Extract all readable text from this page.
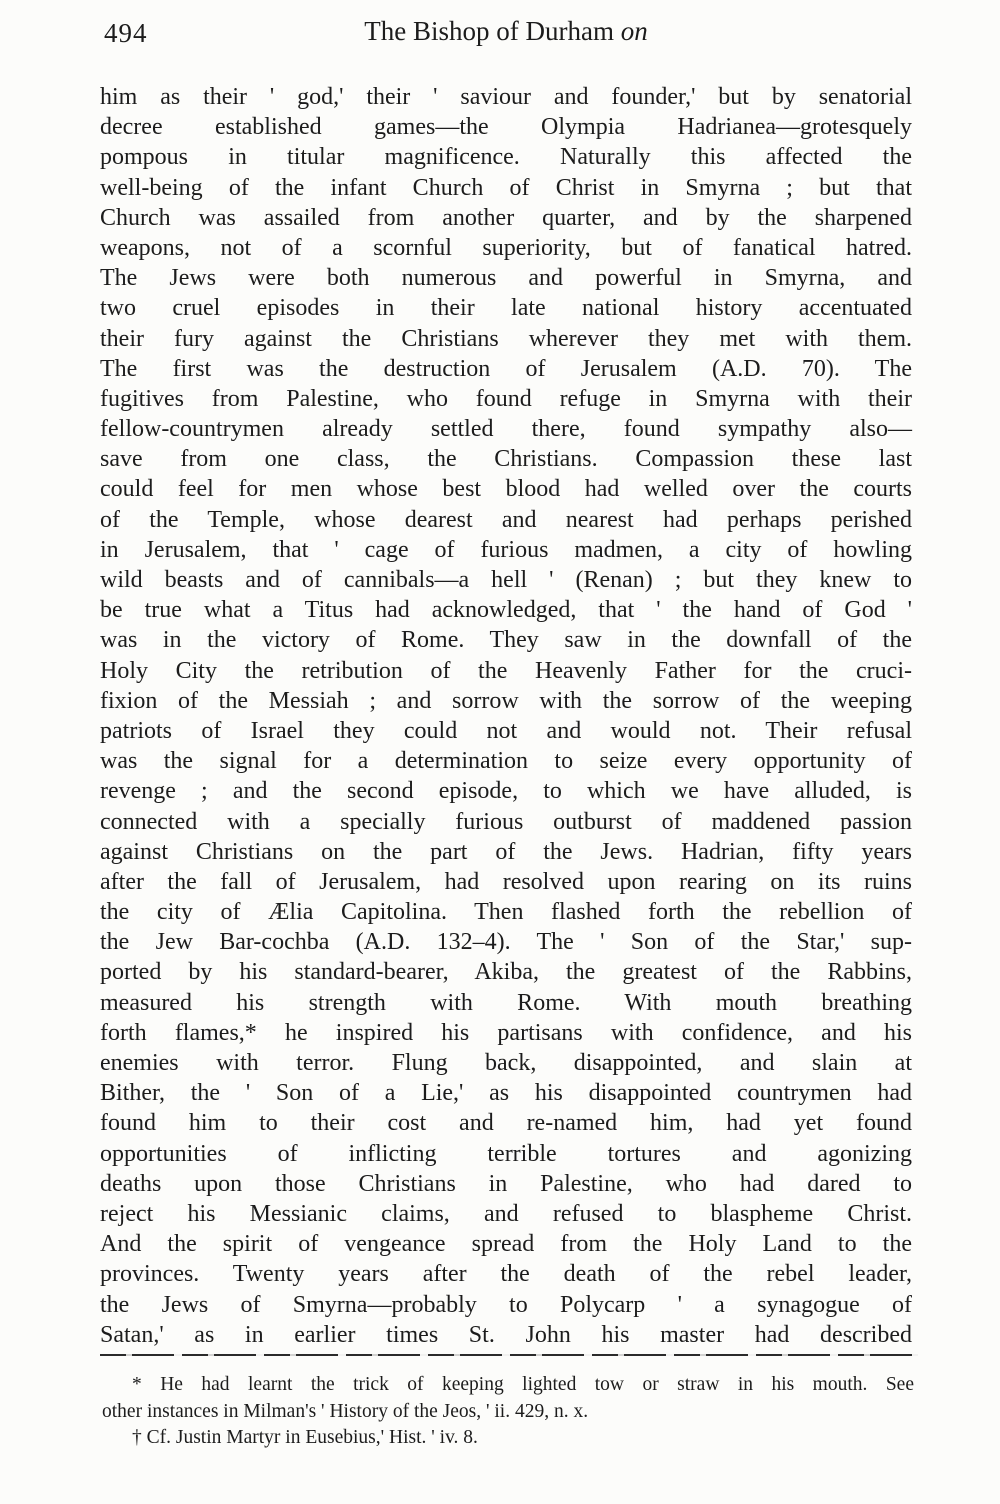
494	The Bishop of Durham on
him as their ' god,' their ' saviour and founder,' but by senatorial
decree established games—the Olympia Hadrianea—grotesquely
pompous in titular magnificence. Naturally this affected the
well-being of the infant Church of Christ in Smyrna ; but that
Church was assailed from another quarter, and by the sharpened
weapons, not of a scornful superiority, but of fanatical hatred.
The Jews were both numerous and powerful in Smyrna, and
two cruel episodes in their late national history accentuated
their fury against the Christians wherever they met with them.
The first was the destruction of Jerusalem (A.D. 70). The
fugitives from Palestine, who found refuge in Smyrna with their
fellow-countrymen already settled there, found sympathy also—
save from one class, the Christians. Compassion these last
could feel for men whose best blood had welled over the courts
of the Temple, whose dearest and nearest had perhaps perished
in Jerusalem, that ' cage of furious madmen, a city of howling
wild beasts and of cannibals—a hell ' (Renan) ; but they knew to
be true what a Titus had acknowledged, that ' the hand of God '
was in the victory of Rome. They saw in the downfall of the
Holy City the retribution of the Heavenly Father for the cruci-
fixion of the Messiah ; and sorrow with the sorrow of the weeping
patriots of Israel they could not and would not. Their refusal
was the signal for a determination to seize every opportunity of
revenge ; and the second episode, to which we have alluded, is
connected with a specially furious outburst of maddened passion
against Christians on the part of the Jews. Hadrian, fifty years
after the fall of Jerusalem, had resolved upon rearing on its ruins
the city of Ælia Capitolina. Then flashed forth the rebellion of
the Jew Bar-cochba (A.D. 132–4). The ' Son of the Star,' sup-
ported by his standard-bearer, Akiba, the greatest of the Rabbins,
measured his strength with Rome. With mouth breathing
forth flames,* he inspired his partisans with confidence, and his
enemies with terror. Flung back, disappointed, and slain at
Bither, the ' Son of a Lie,' as his disappointed countrymen had
found him to their cost and re-named him, had yet found
opportunities of inflicting terrible tortures and agonizing
deaths upon those Christians in Palestine, who had dared to
reject his Messianic claims, and refused to blaspheme Christ.
And the spirit of vengeance spread from the Holy Land to the
provinces. Twenty years after the death of the rebel leader,
the Jews of Smyrna—probably to Polycarp ' a synagogue of
Satan,' as in earlier times St. John his master had described
* He had learnt the trick of keeping lighted tow or straw in his mouth. See
other instances in Milman's ' History of the Jeos, ' ii. 429, n. x.
† Cf. Justin Martyr in Eusebius,' Hist. ' iv. 8.
